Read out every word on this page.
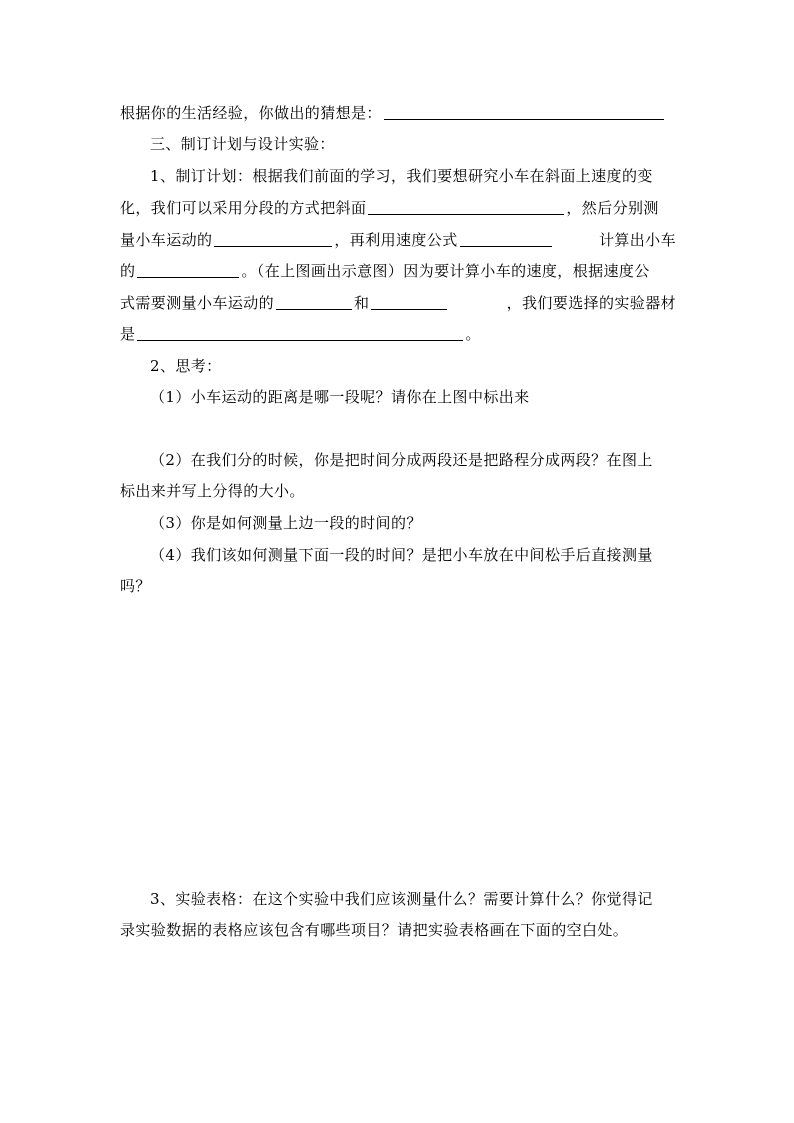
根据你的生活经验，你做出的猜想是：
三、制订计划与设计实验：
1、制订计划：根据我们前面的学习，我们要想研究小车在斜面上速度的变
化，我们可以采用分段的方式把斜面	，然后分别测
量小车运动的	，再利用速度公式	计算出小车
的	。（在上图画出示意图）因为要计算小车的速度，根据速度公
式需要测量小车运动的	和	，我们要选择的实验器材
是	。
2、思考：
（1）小车运动的距离是哪一段呢？请你在上图中标出来
（2）在我们分的时候，你是把时间分成两段还是把路程分成两段？在图上
标出来并写上分得的大小。
（3）你是如何测量上边一段的时间的？
（4）我们该如何测量下面一段的时间？是把小车放在中间松手后直接测量
吗？
3、实验表格：在这个实验中我们应该测量什么？需要计算什么？你觉得记
录实验数据的表格应该包含有哪些项目？请把实验表格画在下面的空白处。
